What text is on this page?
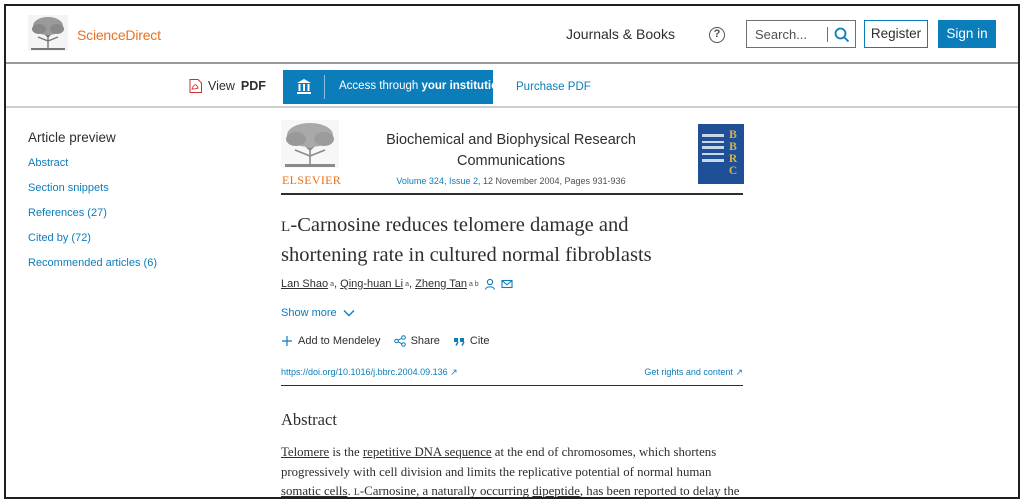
ScienceDirect	Journals & Books	?	Search...	Register	Sign in
View PDF	Access through your institution Purchase PDF
Article preview
Abstract
Section snippets
References (27)
Cited by (72)
Recommended articles (6)
ELSEVIER
Biochemical and Biophysical Research
Communications
Volume 324, Issue 2, 12 November 2004, Pages 931-936
B
B
R
C
L-Carnosine reduces telomere damage and
shortening rate in cultured normal fibroblasts
Lan Shao a ,
Qing-huan Li a ,
Zheng Tan a b
Show more
Add to Mendeley	Share	Cite
https://doi.org/10.1016/j.bbrc.2004.09.136 ↗	Get rights and content ↗
Abstract
Telomere is the repetitive DNA sequence at the end of chromosomes, which shortens
progressively with cell division and limits the replicative potential of normal human
somatic cells. L-Carnosine, a naturally occurring dipeptide, has been reported to delay the
